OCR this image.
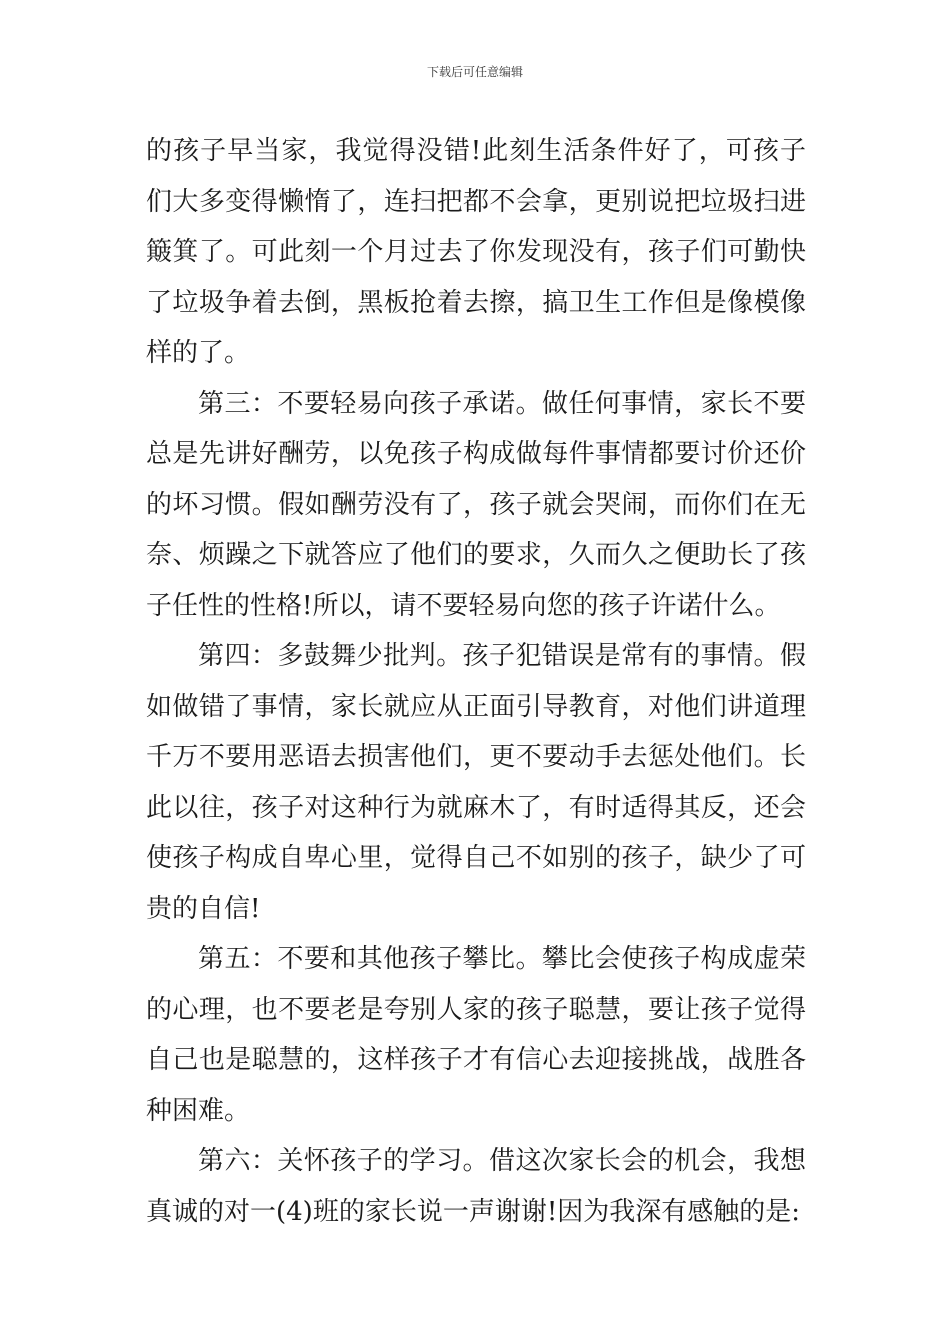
下载后可任意编辑

的孩子早当家，我觉得没错!此刻生活条件好了，可孩子们大多变得懒惰了，连扫把都不会拿，更别说把垃圾扫进簸箕了。可此刻一个月过去了你发现没有，孩子们可勤快了垃圾争着去倒，黑板抢着去擦，搞卫生工作但是像模像样的了。

第三：不要轻易向孩子承诺。做任何事情，家长不要总是先讲好酬劳，以免孩子构成做每件事情都要讨价还价的坏习惯。假如酬劳没有了，孩子就会哭闹，而你们在无奈、烦躁之下就答应了他们的要求，久而久之便助长了孩子任性的性格!所以，请不要轻易向您的孩子许诺什么。

第四：多鼓舞少批判。孩子犯错误是常有的事情。假如做错了事情，家长就应从正面引导教育，对他们讲道理千万不要用恶语去损害他们，更不要动手去惩处他们。长此以往，孩子对这种行为就麻木了，有时适得其反，还会使孩子构成自卑心里，觉得自己不如别的孩子，缺少了可贵的自信!

第五：不要和其他孩子攀比。攀比会使孩子构成虚荣的心理，也不要老是夸别人家的孩子聪慧，要让孩子觉得自己也是聪慧的，这样孩子才有信心去迎接挑战，战胜各种困难。

第六：关怀孩子的学习。借这次家长会的机会，我想真诚的对一(4)班的家长说一声谢谢!因为我深有感触的是:
